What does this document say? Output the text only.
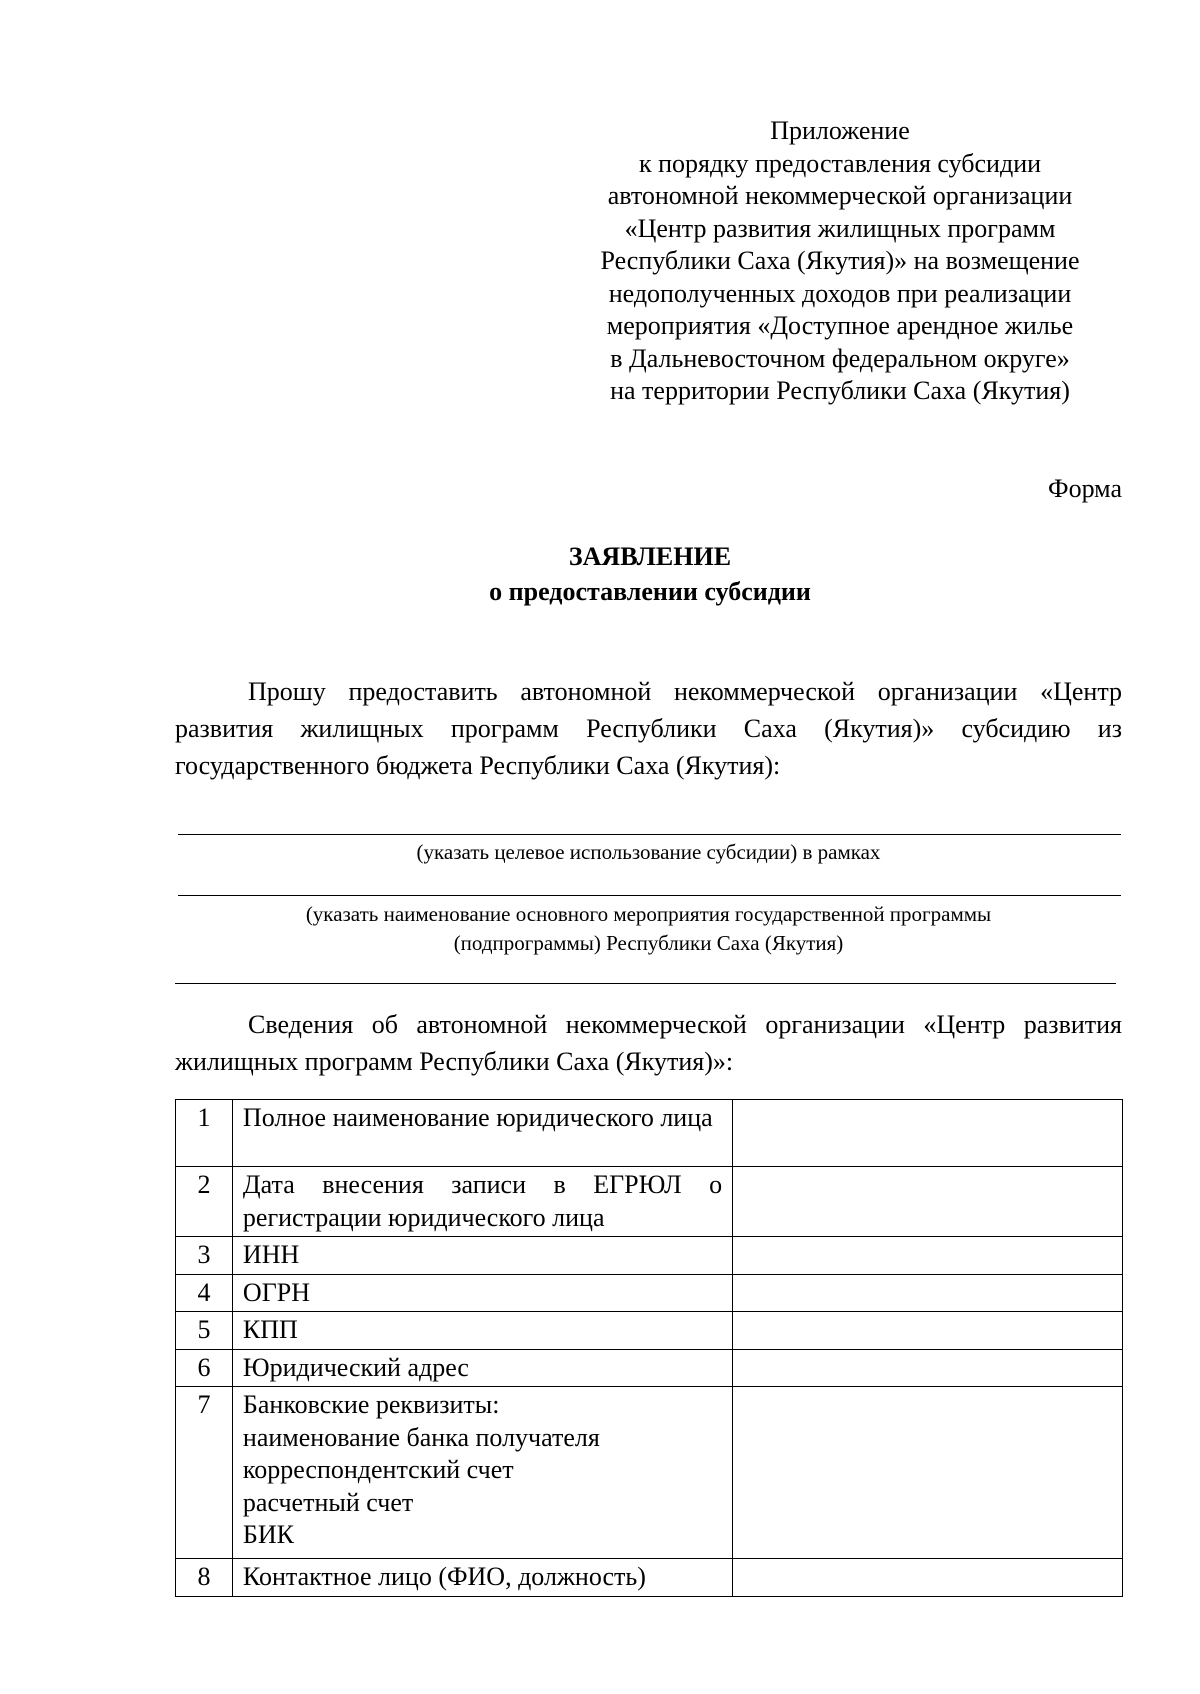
Приложение
к порядку предоставления субсидии
автономной некоммерческой организации
«Центр развития жилищных программ
Республики Саха (Якутия)» на возмещение
недополученных доходов при реализации
мероприятия «Доступное арендное жилье
в Дальневосточном федеральном округе»
на территории Республики Саха (Якутия)
Форма
ЗАЯВЛЕНИЕ
о предоставлении субсидии
Прошу предоставить автономной некоммерческой организации «Центр развития жилищных программ Республики Саха (Якутия)» субсидию из государственного бюджета Республики Саха (Якутия):
(указать целевое использование субсидии) в рамках
(указать наименование основного мероприятия государственной программы
(подпрограммы) Республики Саха (Якутия)
Сведения об автономной некоммерческой организации «Центр развития жилищных программ Республики Саха (Якутия)»:
1	Полное наименование юридического лица	
2	Дата внесения записи в ЕГРЮЛ о регистрации юридического лица	
3	ИНН	
4	ОГРН	
5	КПП	
6	Юридический адрес	
7	Банковские реквизиты:
наименование банка получателя
корреспондентский счет
расчетный счет
БИК	

8	Контактное лицо (ФИО, должность)	
